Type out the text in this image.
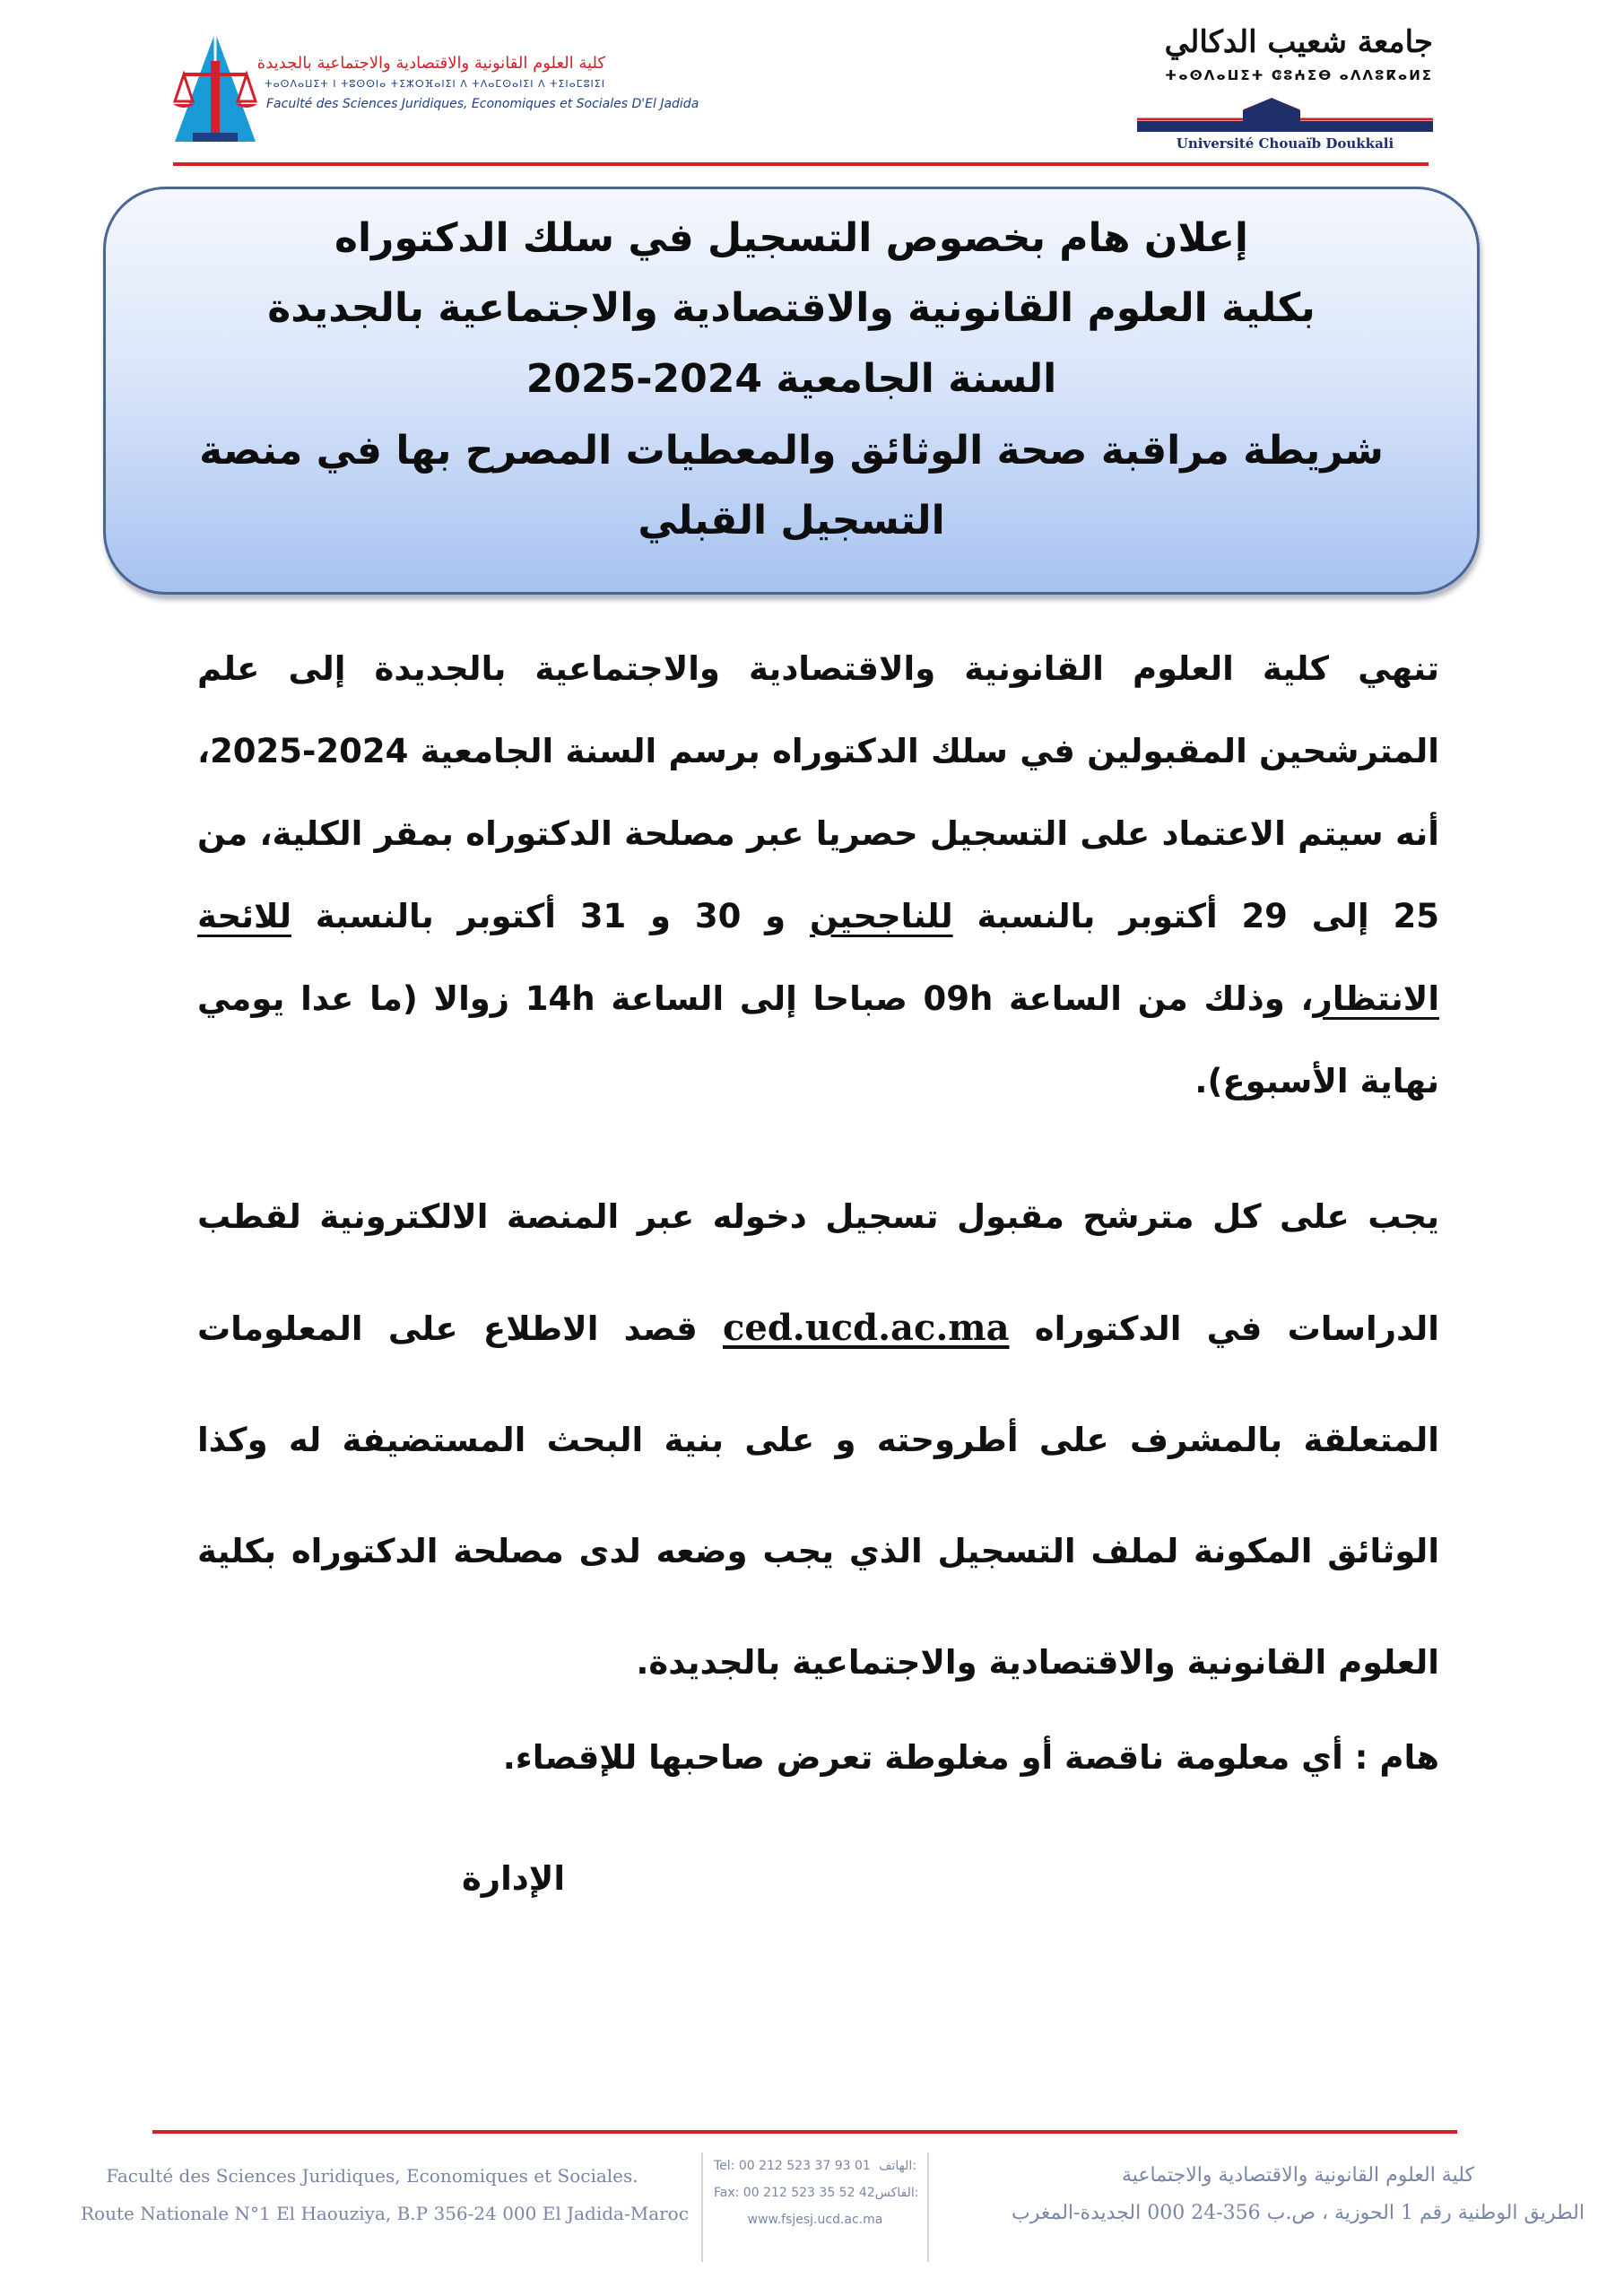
كلية العلوم القانونية والاقتصادية والاجتماعية بالجديدة
ⵜⴰⵙⴷⴰⵡⵉⵜ ⵏ ⵜⵓⵙⵙⵏⴰ ⵜⵉⵣⵔⴼⴰⵏⵉⵏ ⴷ ⵜⴷⴰⵎⵙⴰⵏⵉⵏ ⴷ ⵜⵉⵏⴰⵎⵓⵏⵉⵏ
Faculté des Sciences Juridiques, Economiques et Sociales D'El Jadida
جامعة شعيب الدكالي
ⵜⴰⵙⴷⴰⵡⵉⵜ ⵛⵓⵄⵉⴱ ⴰⴷⴷⵓⴽⴰⵍⵉ
Université Chouaïb Doukkali
إعلان هام بخصوص التسجيل في سلك الدكتوراه
بكلية العلوم القانونية والاقتصادية والاجتماعية بالجديدة
السنة الجامعية 2024-2025
شريطة مراقبة صحة الوثائق والمعطيات المصرح بها في منصة
التسجيل القبلي
تنهي كلية العلوم القانونية والاقتصادية والاجتماعية بالجديدة إلى علم المترشحين المقبولين في سلك الدكتوراه برسم السنة الجامعية 2024-2025، أنه سيتم الاعتماد على التسجيل حصريا عبر مصلحة الدكتوراه بمقر الكلية، من 25 إلى 29 أكتوبر بالنسبة للناجحين و 30 و 31 أكتوبر بالنسبة للائحة الانتظار، وذلك من الساعة 09h صباحا إلى الساعة 14h زوالا (ما عدا يومي نهاية الأسبوع).
يجب على كل مترشح مقبول تسجيل دخوله عبر المنصة الالكترونية لقطب الدراسات في الدكتوراه ced.ucd.ac.ma قصد الاطلاع على المعلومات المتعلقة بالمشرف على أطروحته و على بنية البحث المستضيفة له وكذا الوثائق المكونة لملف التسجيل الذي يجب وضعه لدى مصلحة الدكتوراه بكلية العلوم القانونية والاقتصادية والاجتماعية بالجديدة.
هام : أي معلومة ناقصة أو مغلوطة تعرض صاحبها للإقصاء.
الإدارة
Faculté des Sciences Juridiques, Economiques et Sociales.
Route Nationale N°1 El Haouziya, B.P 356-24 000 El Jadida-Maroc
Tel: 00 212 523 37 93 01 الهاتف:
Fax: 00 212 523 35 52 42 الفاكس:
www.fsjesj.ucd.ac.ma
كلية العلوم القانونية والاقتصادية والاجتماعية
الطريق الوطنية رقم 1 الحوزية ، ص.ب 356-24 000 الجديدة-المغرب
